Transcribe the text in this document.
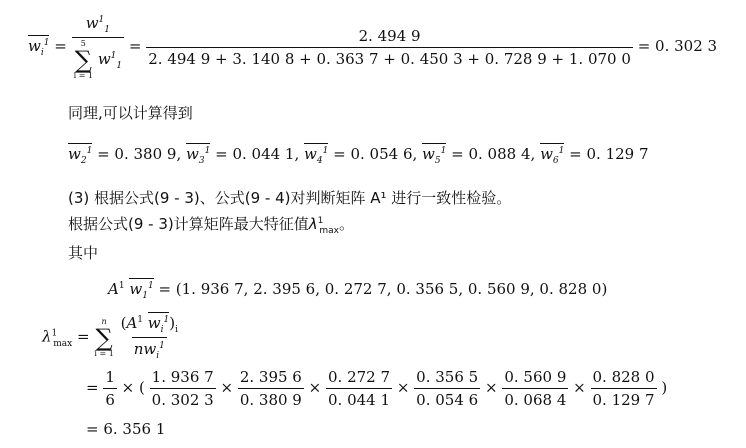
$w_i^1 = w^1_1$
5
∑
i = 1
$w^1_1$ =
2. 494 9
2. 494 9 + 3. 140 8 + 0. 363 7 + 0. 450 3 + 0. 728 9 + 1. 070 0
= 0. 302 3
同理,可以计算得到
$w_2^1 = 0$. 380 9, $w_3^1 = 0$. 044 1, $w_4^1 = 0$. 054 6, $w_5^1 = 0$. 088 4, $w_6^1 = 0$. 129 7
(3) 根据公式(9 - 3)、公式(9 - 4)对判断矩阵 A¹ 进行一致性检验。
根据公式(9 - 3)计算矩阵最大特征值$\lambda^1_{max}$。
其中
$A^1$ $w_1^1 = (1$. 936 7, 2. 395 6, 0. 272 7, 0. 356 5, 0. 560 9, 0. 828 0)
$\lambda^1_{max}$ =
n
∑
i = 1
$\frac{(A^1 w_i^1)_i}{nw_i^1}$
= $\frac{1}{6}$ × ( $\frac{1. 936 7}{0. 302 3} \times \frac{2. 395 6}{0. 380 9} \times \frac{0. 272 7}{0. 044 1} \times \frac{0. 356 5}{0. 054 6} \times \frac{0. 560 9}{0. 068 4} \times \frac{0. 828 0}{0. 129 7}$ )
= 6. 356 1
